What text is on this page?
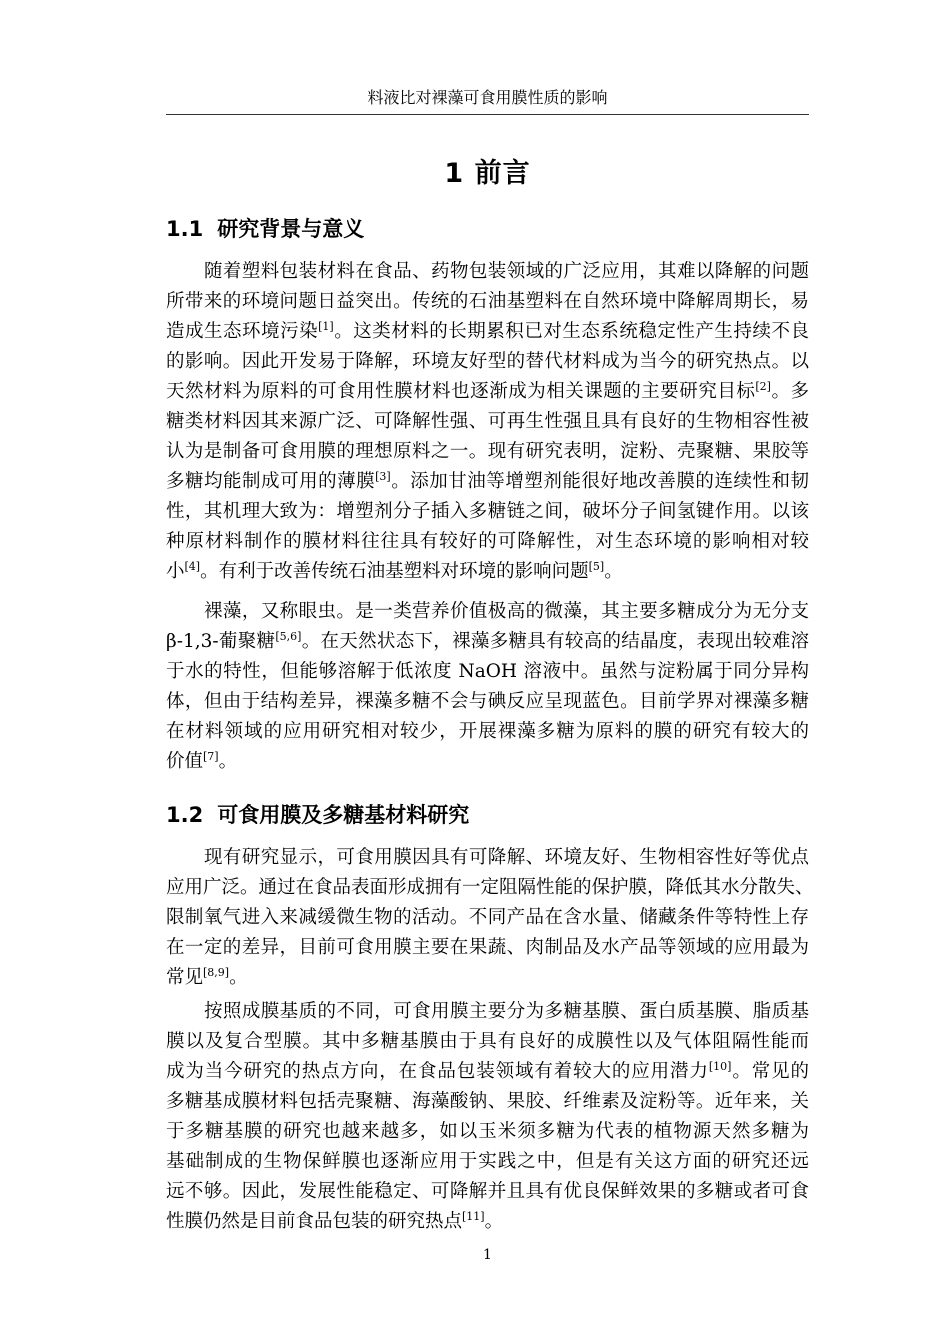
料液比对裸藻可食用膜性质的影响
1 前言
1.1 研究背景与意义
随着塑料包装材料在食品、药物包装领域的广泛应用，其难以降解的问题
所带来的环境问题日益突出。传统的石油基塑料在自然环境中降解周期长，易
造成生态环境污染[1]。这类材料的长期累积已对生态系统稳定性产生持续不良
的影响。因此开发易于降解，环境友好型的替代材料成为当今的研究热点。以
天然材料为原料的可食用性膜材料也逐渐成为相关课题的主要研究目标[2]。多
糖类材料因其来源广泛、可降解性强、可再生性强且具有良好的生物相容性被
认为是制备可食用膜的理想原料之一。现有研究表明，淀粉、壳聚糖、果胶等
多糖均能制成可用的薄膜[3]。添加甘油等增塑剂能很好地改善膜的连续性和韧
性，其机理大致为：增塑剂分子插入多糖链之间，破坏分子间氢键作用。以该
种原材料制作的膜材料往往具有较好的可降解性，对生态环境的影响相对较
小[4]。有利于改善传统石油基塑料对环境的影响问题[5]。
裸藻，又称眼虫。是一类营养价值极高的微藻，其主要多糖成分为无分支
β-1,3-葡聚糖[5,6]。在天然状态下，裸藻多糖具有较高的结晶度，表现出较难溶
于水的特性，但能够溶解于低浓度 NaOH 溶液中。虽然与淀粉属于同分异构
体，但由于结构差异，裸藻多糖不会与碘反应呈现蓝色。目前学界对裸藻多糖
在材料领域的应用研究相对较少，开展裸藻多糖为原料的膜的研究有较大的
价值[7]。
1.2 可食用膜及多糖基材料研究
现有研究显示，可食用膜因具有可降解、环境友好、生物相容性好等优点
应用广泛。通过在食品表面形成拥有一定阻隔性能的保护膜，降低其水分散失、
限制氧气进入来减缓微生物的活动。不同产品在含水量、储藏条件等特性上存
在一定的差异，目前可食用膜主要在果蔬、肉制品及水产品等领域的应用最为
常见[8,9]。
按照成膜基质的不同，可食用膜主要分为多糖基膜、蛋白质基膜、脂质基
膜以及复合型膜。其中多糖基膜由于具有良好的成膜性以及气体阻隔性能而
成为当今研究的热点方向，在食品包装领域有着较大的应用潜力[10]。常见的
多糖基成膜材料包括壳聚糖、海藻酸钠、果胶、纤维素及淀粉等。近年来，关
于多糖基膜的研究也越来越多，如以玉米须多糖为代表的植物源天然多糖为
基础制成的生物保鲜膜也逐渐应用于实践之中，但是有关这方面的研究还远
远不够。因此，发展性能稳定、可降解并且具有优良保鲜效果的多糖或者可食
性膜仍然是目前食品包装的研究热点[11]。
1
